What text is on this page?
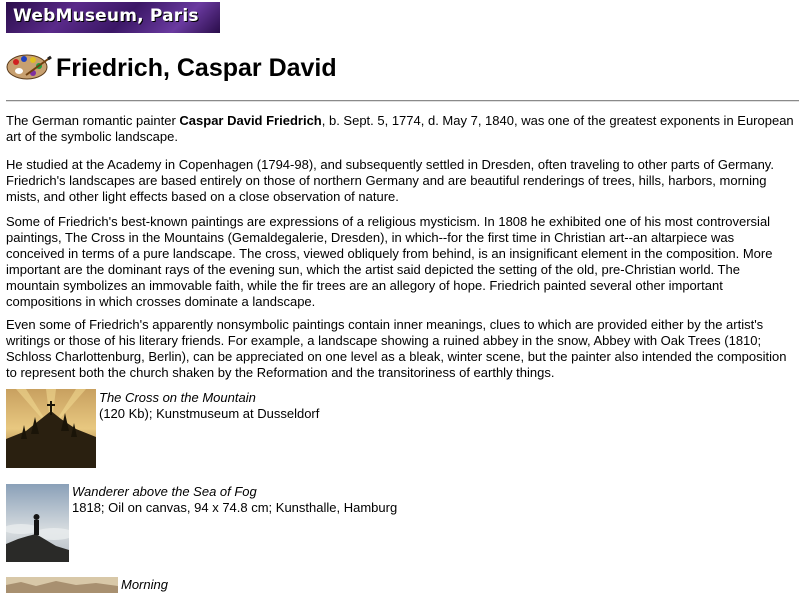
WebMuseum, Paris
Friedrich, Caspar David

The German romantic painter Caspar David Friedrich, b. Sept. 5, 1774, d. May 7, 1840, was one of the greatest exponents in European art of the symbolic landscape.

He studied at the Academy in Copenhagen (1794-98), and subsequently settled in Dresden, often traveling to other parts of Germany. Friedrich's landscapes are based entirely on those of northern Germany and are beautiful renderings of trees, hills, harbors, morning mists, and other light effects based on a close observation of nature.

Some of Friedrich's best-known paintings are expressions of a religious mysticism. In 1808 he exhibited one of his most controversial paintings, The Cross in the Mountains (Gemaldegalerie, Dresden), in which--for the first time in Christian art--an altarpiece was conceived in terms of a pure landscape. The cross, viewed obliquely from behind, is an insignificant element in the composition. More important are the dominant rays of the evening sun, which the artist said depicted the setting of the old, pre-Christian world. The mountain symbolizes an immovable faith, while the fir trees are an allegory of hope. Friedrich painted several other important compositions in which crosses dominate a landscape.

Even some of Friedrich's apparently nonsymbolic paintings contain inner meanings, clues to which are provided either by the artist's writings or those of his literary friends. For example, a landscape showing a ruined abbey in the snow, Abbey with Oak Trees (1810; Schloss Charlottenburg, Berlin), can be appreciated on one level as a bleak, winter scene, but the painter also intended the composition to represent both the church shaken by the Reformation and the transitoriness of earthly things.

The Cross on the Mountain
(120 Kb); Kunstmuseum at Dusseldorf
Wanderer above the Sea of Fog
1818; Oil on canvas, 94 x 74.8 cm; Kunsthalle, Hamburg
Morning
